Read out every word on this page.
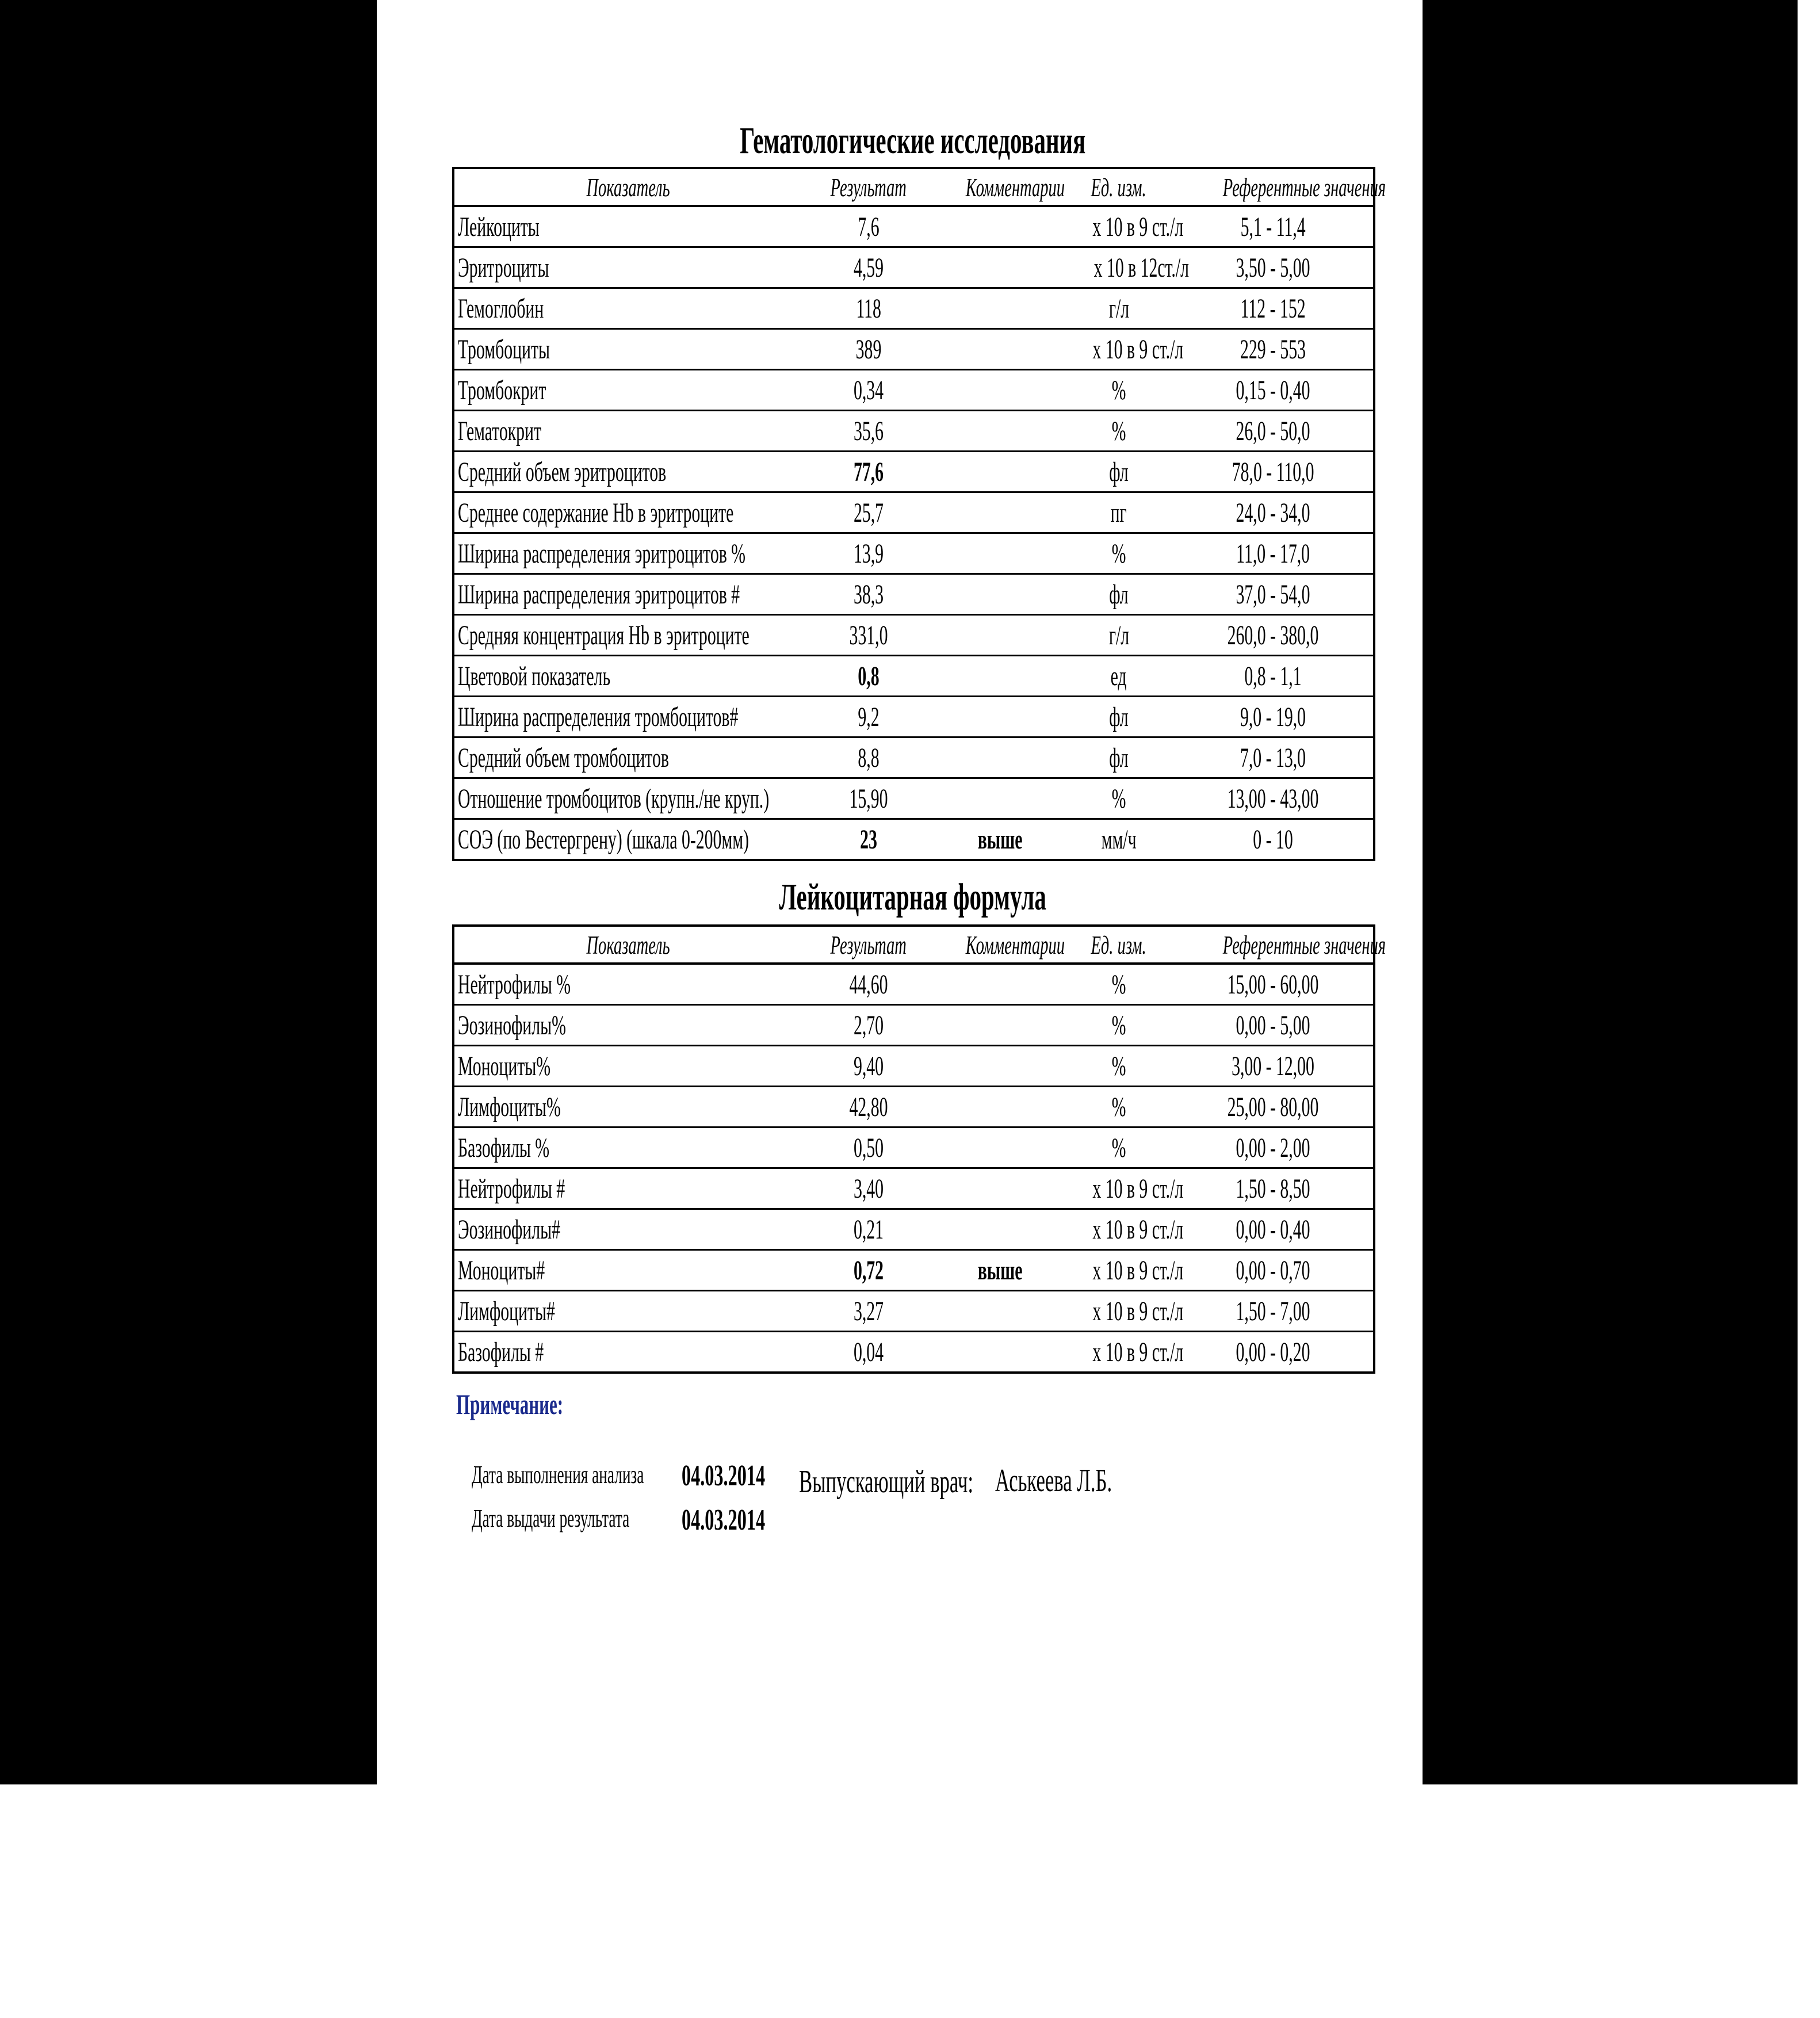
Гематологические исследования
Показатель	Результат	Комментарии	Ед. изм.	Референтные значения
Лейкоциты	7,6		х 10 в 9 ст./л	5,1 - 11,4
Эритроциты	4,59		х 10 в 12ст./л	3,50 - 5,00
Гемоглобин	118		г/л	112 - 152
Тромбоциты	389		х 10 в 9 ст./л	229 - 553
Тромбокрит	0,34		%	0,15 - 0,40
Гематокрит	35,6		%	26,0 - 50,0
Средний объем эритроцитов	77,6		фл	78,0 - 110,0
Среднее содержание Hb в эритроците	25,7		пг	24,0 - 34,0
Ширина распределения эритроцитов %	13,9		%	11,0 - 17,0
Ширина распределения эритроцитов #	38,3		фл	37,0 - 54,0
Средняя концентрация Hb в эритроците	331,0		г/л	260,0 - 380,0
Цветовой показатель	0,8		ед	0,8 - 1,1
Ширина распределения тромбоцитов#	9,2		фл	9,0 - 19,0
Средний объем тромбоцитов	8,8		фл	7,0 - 13,0
Отношение тромбоцитов (крупн./не круп.)	15,90		%	13,00 - 43,00
СОЭ (по Вестергрену) (шкала 0-200мм)	23	выше	мм/ч	0 - 10
Лейкоцитарная формула
Показатель	Результат	Комментарии	Ед. изм.	Референтные значения
Нейтрофилы %	44,60		%	15,00 - 60,00
Эозинофилы%	2,70		%	0,00 - 5,00
Моноциты%	9,40		%	3,00 - 12,00
Лимфоциты%	42,80		%	25,00 - 80,00
Базофилы %	0,50		%	0,00 - 2,00
Нейтрофилы #	3,40		х 10 в 9 ст./л	1,50 - 8,50
Эозинофилы#	0,21		х 10 в 9 ст./л	0,00 - 0,40
Моноциты#	0,72	выше	х 10 в 9 ст./л	0,00 - 0,70
Лимфоциты#	3,27		х 10 в 9 ст./л	1,50 - 7,00
Базофилы #	0,04		х 10 в 9 ст./л	0,00 - 0,20
Примечание:
Дата выполнения анализа	04.03.2014
Дата выдачи результата	04.03.2014
Выпускающий врач: Аськеева Л.Б.
